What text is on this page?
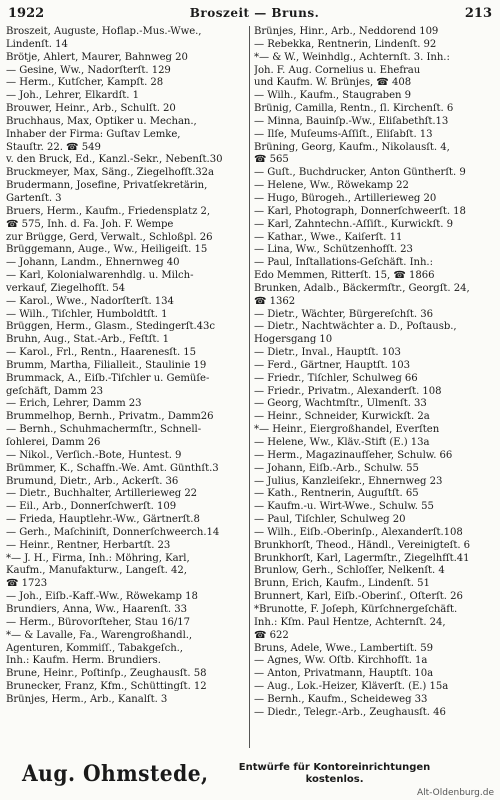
1922	Broszeit — Bruns.	213
Broszeit, Auguste, Hoflap.-Mus.-Wwe.,
Lindenſt. 14
Brötje, Ahlert, Maurer, Bahnweg 20
— Gesine, Ww., Nadorſterſt. 129
— Herm., Kutſcher, Kampſt. 28
— Joh., Lehrer, Elkardſt. 1
Brouwer, Heinr., Arb., Schulſt. 20
Bruchhaus, Max, Optiker u. Mechan.,
Inhaber der Firma: Guſtav Lemke,
Stauſtr. 22. ☎ 549
v. den Bruck, Ed., Kanzl.-Sekr., Nebenſt.30
Bruckmeyer, Max, Säng., Ziegelhofſt.32a
Brudermann, Josefine, Privatſekretärin,
Gartenſt. 3
Bruers, Herm., Kaufm., Friedensplatz 2,
☎ 575, Inh. d. Fa. Joh. F. Wempe
zur Brügge, Gerd, Verwalt., Schloßpl. 26
Brüggemann, Auge., Ww., Heiligeiſt. 15
— Johann, Landm., Ehnernweg 40
— Karl, Kolonialwarenhdlg. u. Milch-
verkauf, Ziegelhofſt. 54
— Karol., Wwe., Nadorſterſt. 134
— Wilh., Tiſchler, Humboldtſt. 1
Brüggen, Herm., Glasm., Stedingerſt.43c
Bruhn, Aug., Stat.-Arb., Feſtſt. 1
— Karol., Frl., Rentn., Haarenesſt. 15
Brumm, Martha, Filialleit., Staulinie 19
Brummack, A., Eiſb.-Tiſchler u. Gemüſe-
geſchäft, Damm 23
— Erich, Lehrer, Damm 23
Brummelhop, Bernh., Privatm., Damm26
— Bernh., Schuhmachermſtr., Schnell-
ſohlerei, Damm 26
— Nikol., Verſich.-Bote, Huntest. 9
Brümmer, K., Schaffn.-We. Amt. Günthſt.3
Brumund, Dietr., Arb., Ackerſt. 36
— Dietr., Buchhalter, Artillerieweg 22
— Eil., Arb., Donnerſchwerſt. 109
— Frieda, Hauptlehr.-Ww., Gärtnerſt.8
— Gerh., Maſchiniſt, Donnerſchweerch.14
— Heinr., Rentner, Herbartſt. 23
*— J. H., Firma, Inh.: Möhring, Karl,
Kaufm., Manufakturw., Langeſt. 42,
☎ 1723
— Joh., Eiſb.-Kaff.-Ww., Röwekamp 18
Brundiers, Anna, Ww., Haarenſt. 33
— Herm., Bürovorſteher, Stau 16/17
*— & Lavalle, Fa., Warengroßhandl.,
Agenturen, Kommiſſ., Tabakgeſch.,
Inh.: Kaufm. Herm. Brundiers.
Brune, Heinr., Poſtinſp., Zeughausſt. 58
Brunecker, Franz, Kfm., Schüttingſt. 12
Brünjes, Herm., Arb., Kanalſt. 3
Brünjes, Hinr., Arb., Neddorend 109
— Rebekka, Rentnerin, Lindenſt. 92
*— & W., Weinhdlg., Achternſt. 3. Inh.:
Joh. F. Aug. Cornelius u. Ehefrau
und Kaufm. W. Brünjes, ☎ 408
— Wilh., Kaufm., Staugraben 9
Brünig, Camilla, Rentn., ſl. Kirchenſt. 6
— Minna, Bauinſp.-Ww., Eliſabethſt.13
— Ilſe, Muſeums-Aſſiſt., Eliſabſt. 13
Brüning, Georg, Kaufm., Nikolausſt. 4,
☎ 565
— Guſt., Buchdrucker, Anton Güntherſt. 9
— Helene, Ww., Röwekamp 22
— Hugo, Bürogeh., Artillerieweg 20
— Karl, Photograph, Donnerſchweerſt. 18
— Karl, Zahntechn.-Aſſiſt., Kurwickſt. 9
— Kathar., Wwe., Kaiſerſt. 11
— Lina, Ww., Schützenhofſt. 23
— Paul, Inſtallations-Geſchäft. Inh.:
Edo Memmen, Ritterſt. 15, ☎ 1866
Brunken, Adalb., Bäckermſtr., Georgſt. 24,
☎ 1362
— Dietr., Wächter, Bürgereſchſt. 36
— Dietr., Nachtwächter a. D., Poſtausb.,
Hogersgang 10
— Dietr., Inval., Hauptſt. 103
— Ferd., Gärtner, Hauptſt. 103
— Friedr., Tiſchler, Schulweg 66
— Friedr., Privatm., Alexanderſt. 108
— Georg, Wachtmſtr., Ulmenſt. 33
— Heinr., Schneider, Kurwickſt. 2a
*— Heinr., Eiergroßhandel, Everſten
— Helene, Ww., Kläv.-Stift (E.) 13a
— Herm., Magazinaufſeher, Schulw. 66
— Johann, Eiſb.-Arb., Schulw. 55
— Julius, Kanzleiſekr., Ehnernweg 23
— Kath., Rentnerin, Auguſtſt. 65
— Kaufm.-u. Wirt-Wwe., Schulw. 55
— Paul, Tiſchler, Schulweg 20
— Wilh., Eiſb.-Oberinſp., Alexanderſt.108
Brunkhorſt, Theod., Händl., Vereinigteſt. 6
Brunkhorſt, Karl, Lagermſtr., Ziegelhfſt.41
Brunlow, Gerh., Schloſſer, Nelkenſt. 4
Brunn, Erich, Kaufm., Lindenſt. 51
Brunnert, Karl, Eiſb.-Oberinſ., Oſterſt. 26
*Brunotte, F. Joſeph, Kürſchnergeſchäft.
Inh.: Kſm. Paul Hentze, Achternſt. 24,
☎ 622
Bruns, Adele, Wwe., Lambertiſt. 59
— Agnes, Ww. Oſtb. Kirchhofſt. 1a
— Anton, Privatmann, Hauptſt. 10a
— Aug., Lok.-Heizer, Kläverſt. (E.) 15a
— Bernh., Kaufm., Scheideweg 33
— Diedr., Telegr.-Arb., Zeughausſt. 46
Aug. Ohmstede,	Entwürfe für Kontoreinrichtungen
kostenlos.
Alt-Oldenburg.de
